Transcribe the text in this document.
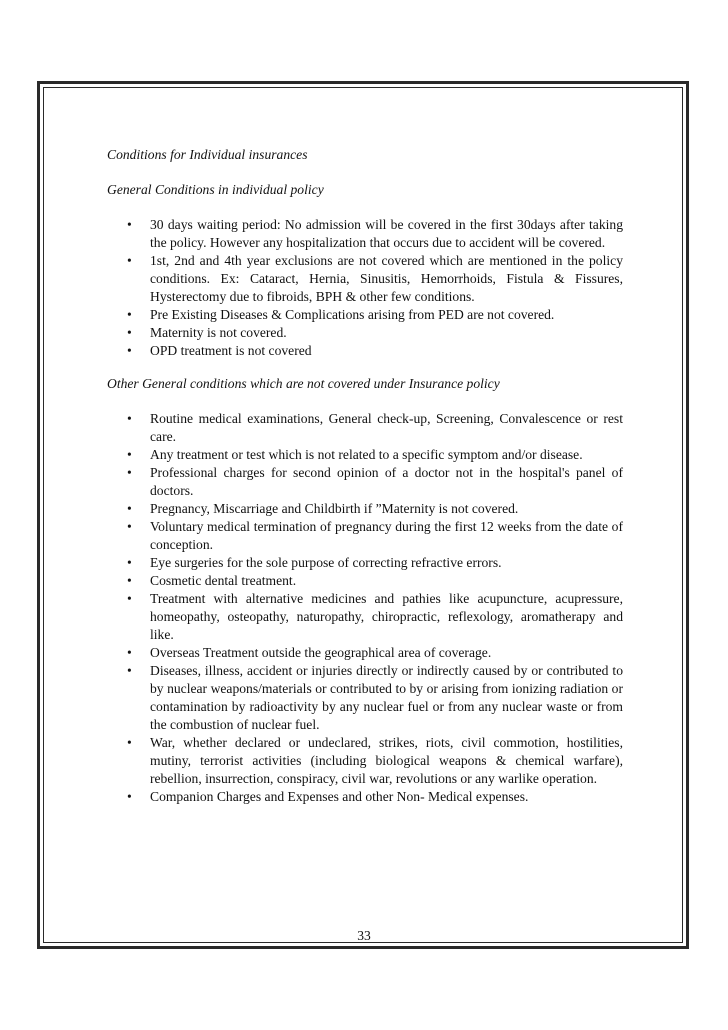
Conditions for Individual insurances

General Conditions in individual policy

• 30 days waiting period: No admission will be covered in the first 30days after taking the policy. However any hospitalization that occurs due to accident will be covered.
• 1st, 2nd and 4th year exclusions are not covered which are mentioned in the policy conditions. Ex: Cataract, Hernia, Sinusitis, Hemorrhoids, Fistula & Fissures, Hysterectomy due to fibroids, BPH & other few conditions.
• Pre Existing Diseases & Complications arising from PED are not covered.
• Maternity is not covered.
• OPD treatment is not covered

Other General conditions which are not covered under Insurance policy

• Routine medical examinations, General check-up, Screening, Convalescence or rest care.
• Any treatment or test which is not related to a specific symptom and/or disease.
• Professional charges for second opinion of a doctor not in the hospital's panel of doctors.
• Pregnancy, Miscarriage and Childbirth if ”Maternity is not covered.
• Voluntary medical termination of pregnancy during the first 12 weeks from the date of conception.
• Eye surgeries for the sole purpose of correcting refractive errors.
• Cosmetic dental treatment.
• Treatment with alternative medicines and pathies like acupuncture, acupressure, homeopathy, osteopathy, naturopathy, chiropractic, reflexology, aromatherapy and like.
• Overseas Treatment outside the geographical area of coverage.
• Diseases, illness, accident or injuries directly or indirectly caused by or contributed to by nuclear weapons/materials or contributed to by or arising from ionizing radiation or contamination by radioactivity by any nuclear fuel or from any nuclear waste or from the combustion of nuclear fuel.
• War, whether declared or undeclared, strikes, riots, civil commotion, hostilities, mutiny, terrorist activities (including biological weapons & chemical warfare), rebellion, insurrection, conspiracy, civil war, revolutions or any warlike operation.
• Companion Charges and Expenses and other Non- Medical expenses.
33
